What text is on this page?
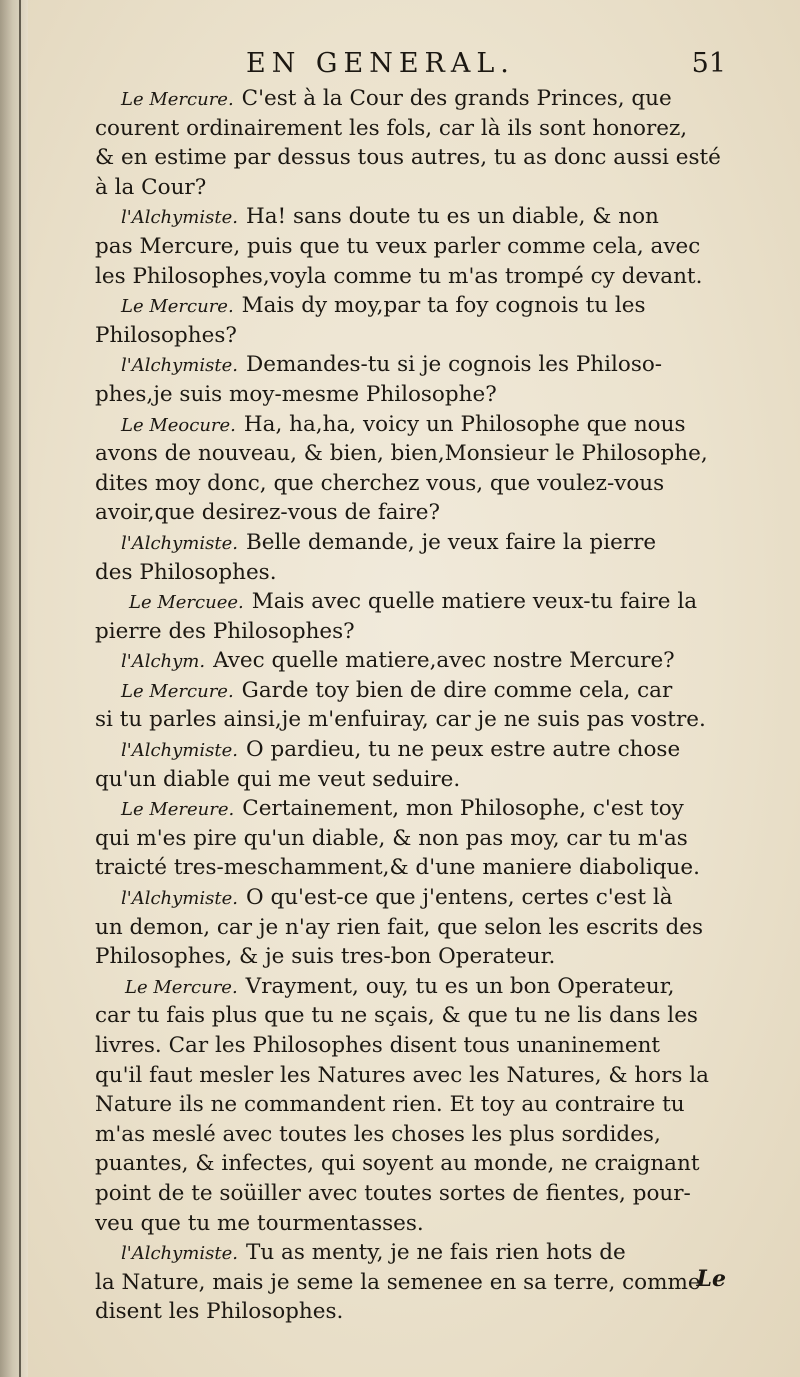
EN GENERAL.	51
Le Mercure. C'est à la Cour des grands Princes, que
courent ordinairement les fols, car là ils sont honorez,
& en estime par dessus tous autres, tu as donc aussi esté
à la Cour?
l'Alchymiste. Ha! sans doute tu es un diable, & non
pas Mercure, puis que tu veux parler comme cela, avec
les Philosophes,voyla comme tu m'as trompé cy devant.
Le Mercure. Mais dy moy,par ta foy cognois tu les
Philosophes?
l'Alchymiste. Demandes-tu si je cognois les Philoso-
phes,je suis moy-mesme Philosophe?
Le Meocure. Ha, ha,ha, voicy un Philosophe que nous
avons de nouveau, & bien, bien,Monsieur le Philosophe,
dites moy donc, que cherchez vous, que voulez-vous
avoir,que desirez-vous de faire?
l'Alchymiste. Belle demande, je veux faire la pierre
des Philosophes.
Le Mercuee. Mais avec quelle matiere veux-tu faire la
pierre des Philosophes?
l'Alchym. Avec quelle matiere,avec nostre Mercure?
Le Mercure. Garde toy bien de dire comme cela, car
si tu parles ainsi,je m'enfuiray, car je ne suis pas vostre.
l'Alchymiste. O pardieu, tu ne peux estre autre chose
qu'un diable qui me veut seduire.
Le Mereure. Certainement, mon Philosophe, c'est toy
qui m'es pire qu'un diable, & non pas moy, car tu m'as
traicté tres-meschamment,& d'une maniere diabolique.
l'Alchymiste. O qu'est-ce que j'entens, certes c'est là
un demon, car je n'ay rien fait, que selon les escrits des
Philosophes, & je suis tres-bon Operateur.
Le Mercure. Vrayment, ouy, tu es un bon Operateur,
car tu fais plus que tu ne sçais, & que tu ne lis dans les
livres. Car les Philosophes disent tous unaninement
qu'il faut mesler les Natures avec les Natures, & hors la
Nature ils ne commandent rien. Et toy au contraire tu
m'as meslé avec toutes les choses les plus sordides,
puantes, & infectes, qui soyent au monde, ne craignant
point de te soüiller avec toutes sortes de fientes, pour-
veu que tu me tourmentasses.
l'Alchymiste. Tu as menty, je ne fais rien hots de
la Nature, mais je seme la semenee en sa terre, comme
disent les Philosophes.
Le
